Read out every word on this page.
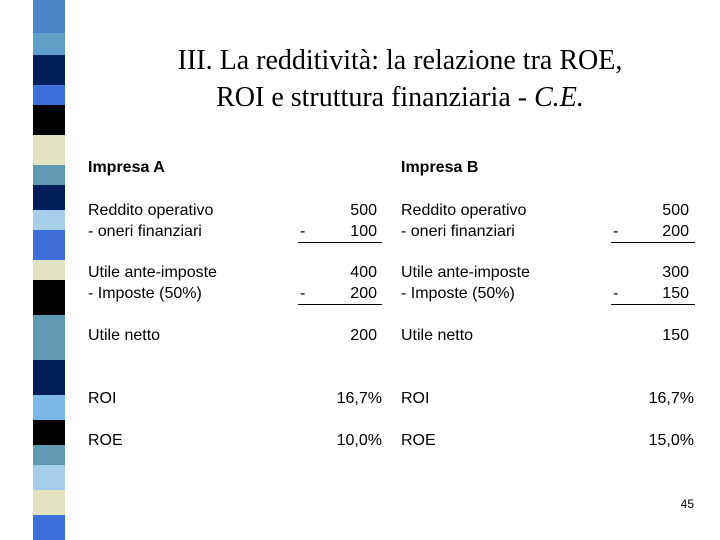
III. La redditività: la relazione tra ROE,
ROI e struttura finanziaria - C.E.
Impresa A
Reddito operativo	500
- oneri finanziari	-	100
Utile ante-imposte	400
- Imposte (50%)	-	200
Utile netto	200
ROI	16,7%
ROE	10,0%
Impresa B
Reddito operativo	500
- oneri finanziari	-	200
Utile ante-imposte	300
- Imposte (50%)	-	150
Utile netto	150
ROI	16,7%
ROE	15,0%
45
